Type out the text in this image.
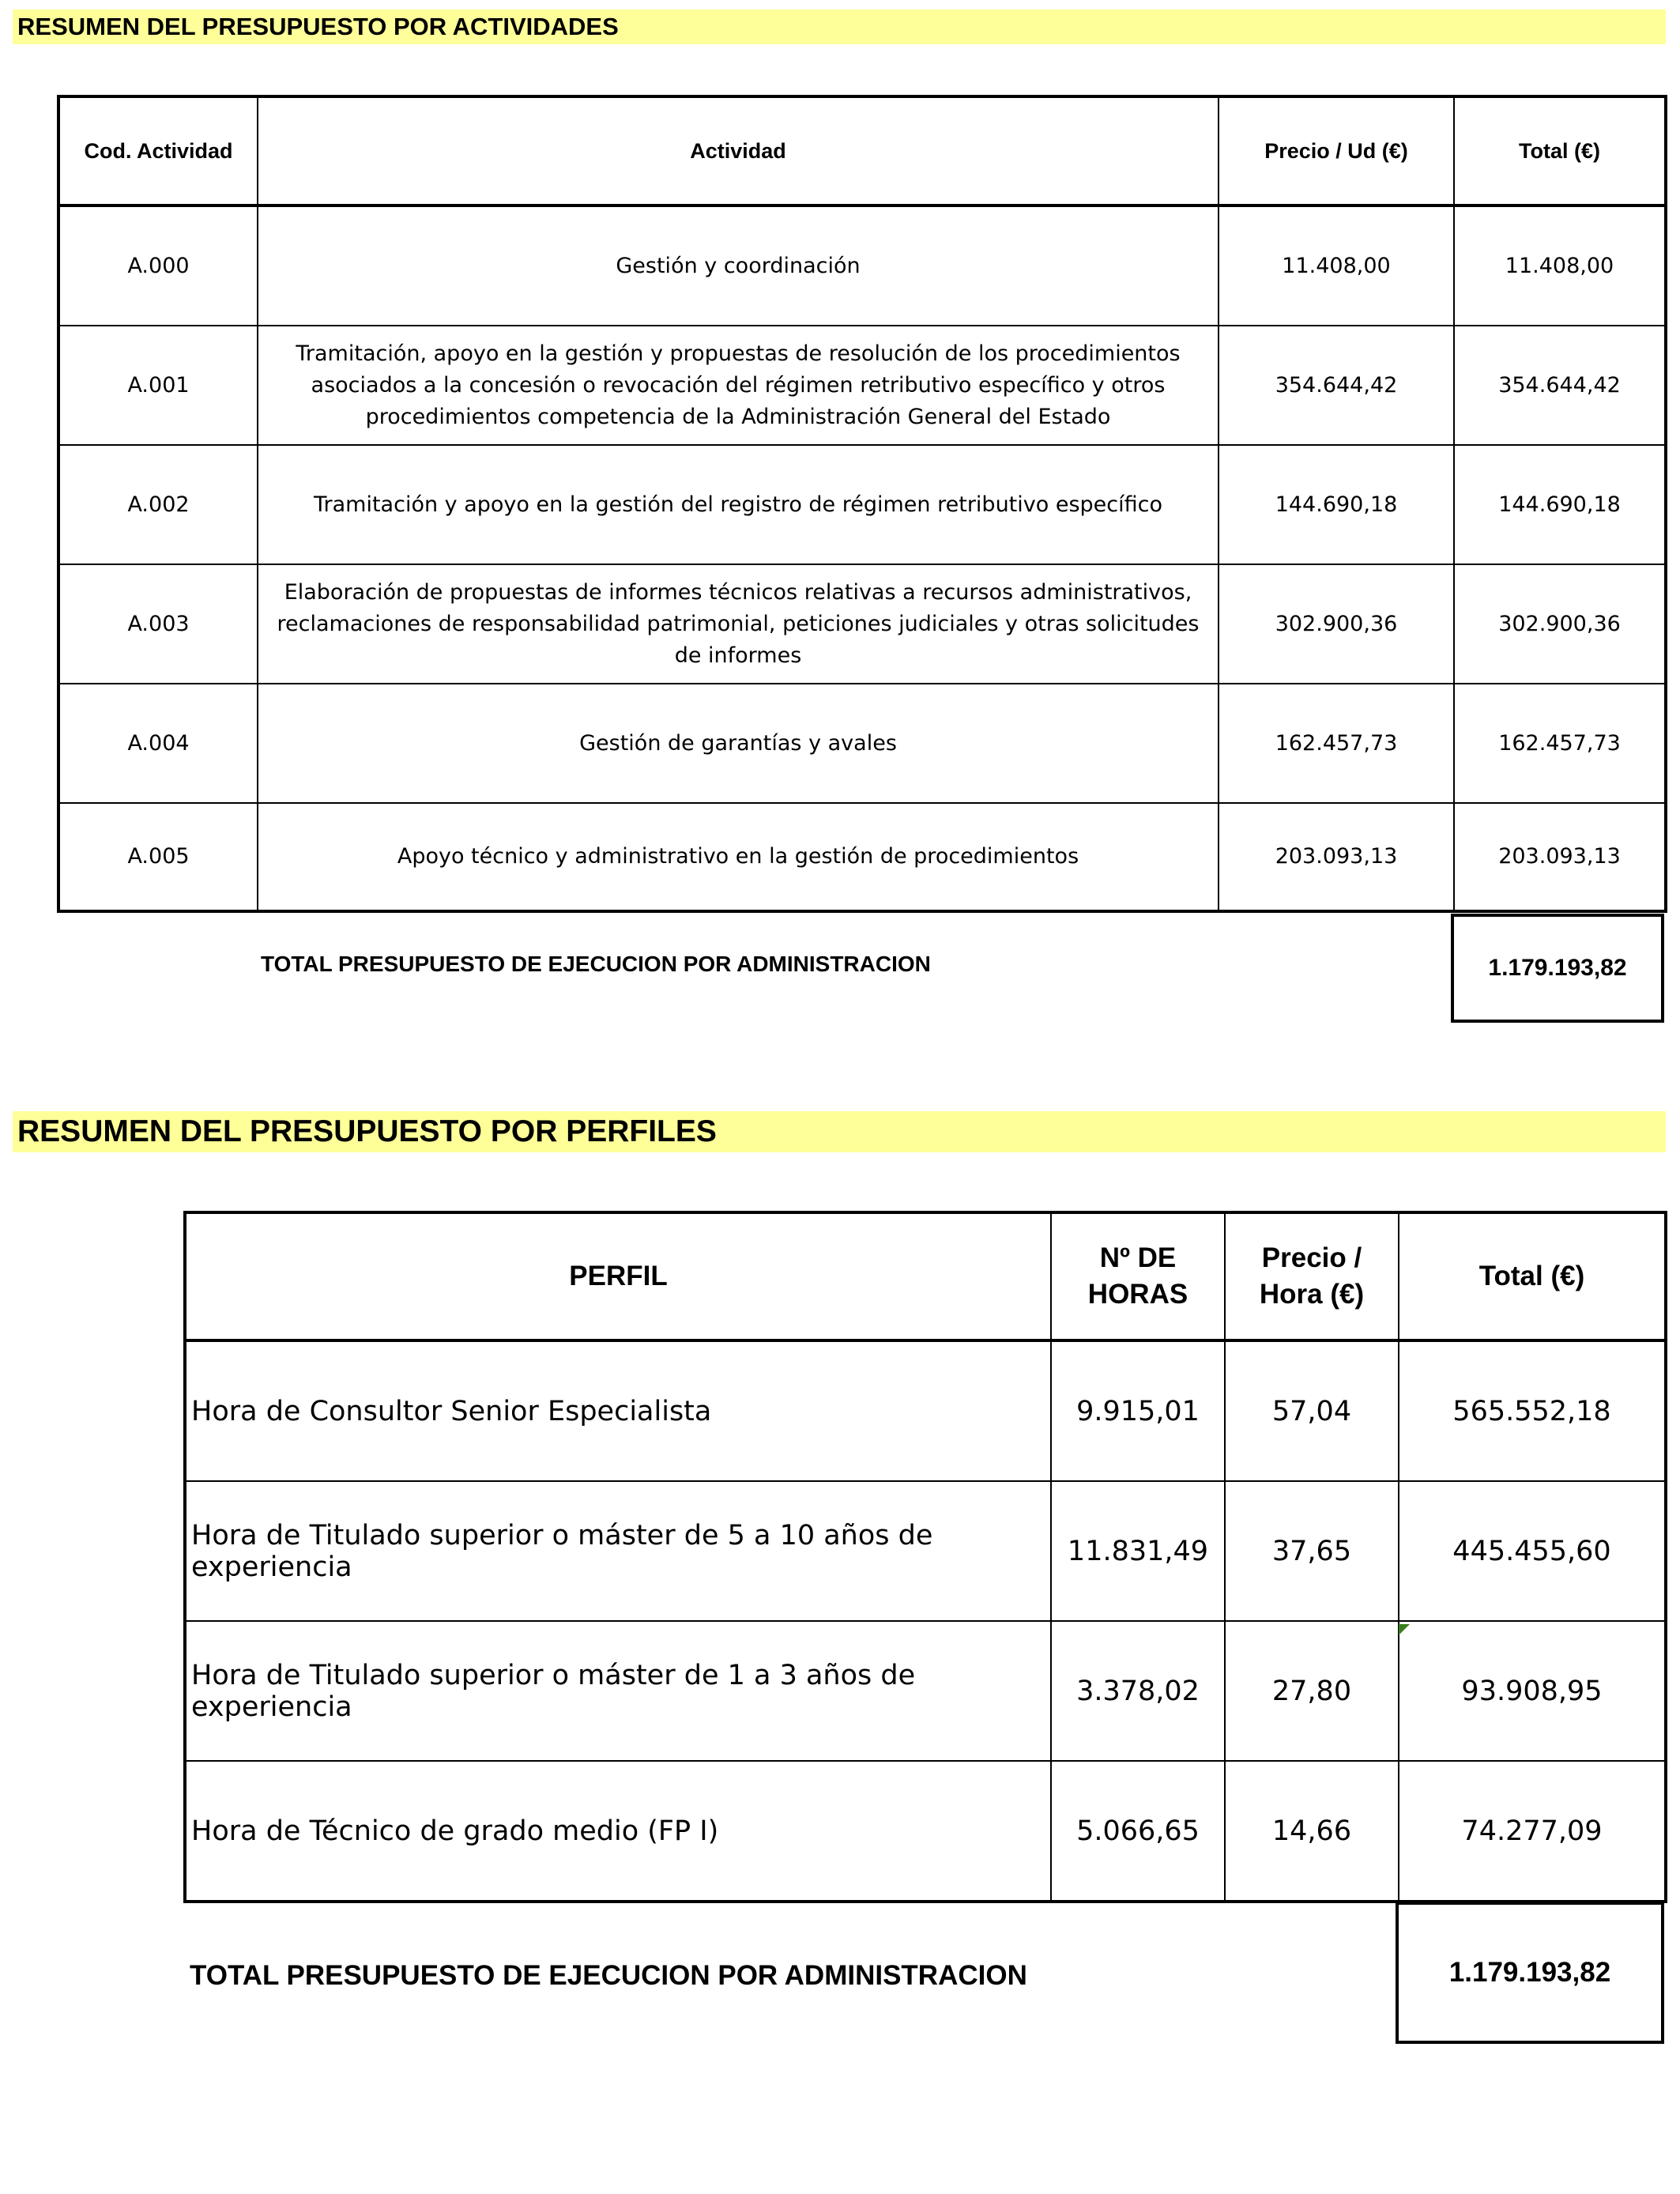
RESUMEN DEL PRESUPUESTO POR ACTIVIDADES
Cod. Actividad	Actividad	Precio / Ud (€)	Total (€)
A.000	Gestión y coordinación	11.408,00	11.408,00
A.001	Tramitación, apoyo en la gestión y propuestas de resolución de los procedimientos asociados a la concesión o revocación del régimen retributivo específico y otros procedimientos competencia de la Administración General del Estado	354.644,42	354.644,42
A.002	Tramitación y apoyo en la gestión del registro de régimen retributivo específico	144.690,18	144.690,18
A.003	Elaboración de propuestas de informes técnicos relativas a recursos administrativos, reclamaciones de responsabilidad patrimonial, peticiones judiciales y otras solicitudes de informes	302.900,36	302.900,36
A.004	Gestión de garantías y avales	162.457,73	162.457,73
A.005	Apoyo técnico y administrativo en la gestión de procedimientos	203.093,13	203.093,13
TOTAL PRESUPUESTO DE EJECUCION POR ADMINISTRACION	1.179.193,82
RESUMEN DEL PRESUPUESTO POR PERFILES
PERFIL	Nº DE HORAS	Precio / Hora (€)	Total (€)
Hora de Consultor Senior Especialista	9.915,01	57,04	565.552,18
Hora de Titulado superior o máster de 5 a 10 años de experiencia	11.831,49	37,65	445.455,60
Hora de Titulado superior o máster de 1 a 3 años de experiencia	3.378,02	27,80	93.908,95
Hora de Técnico de grado medio (FP I)	5.066,65	14,66	74.277,09
TOTAL PRESUPUESTO DE EJECUCION POR ADMINISTRACION	1.179.193,82
